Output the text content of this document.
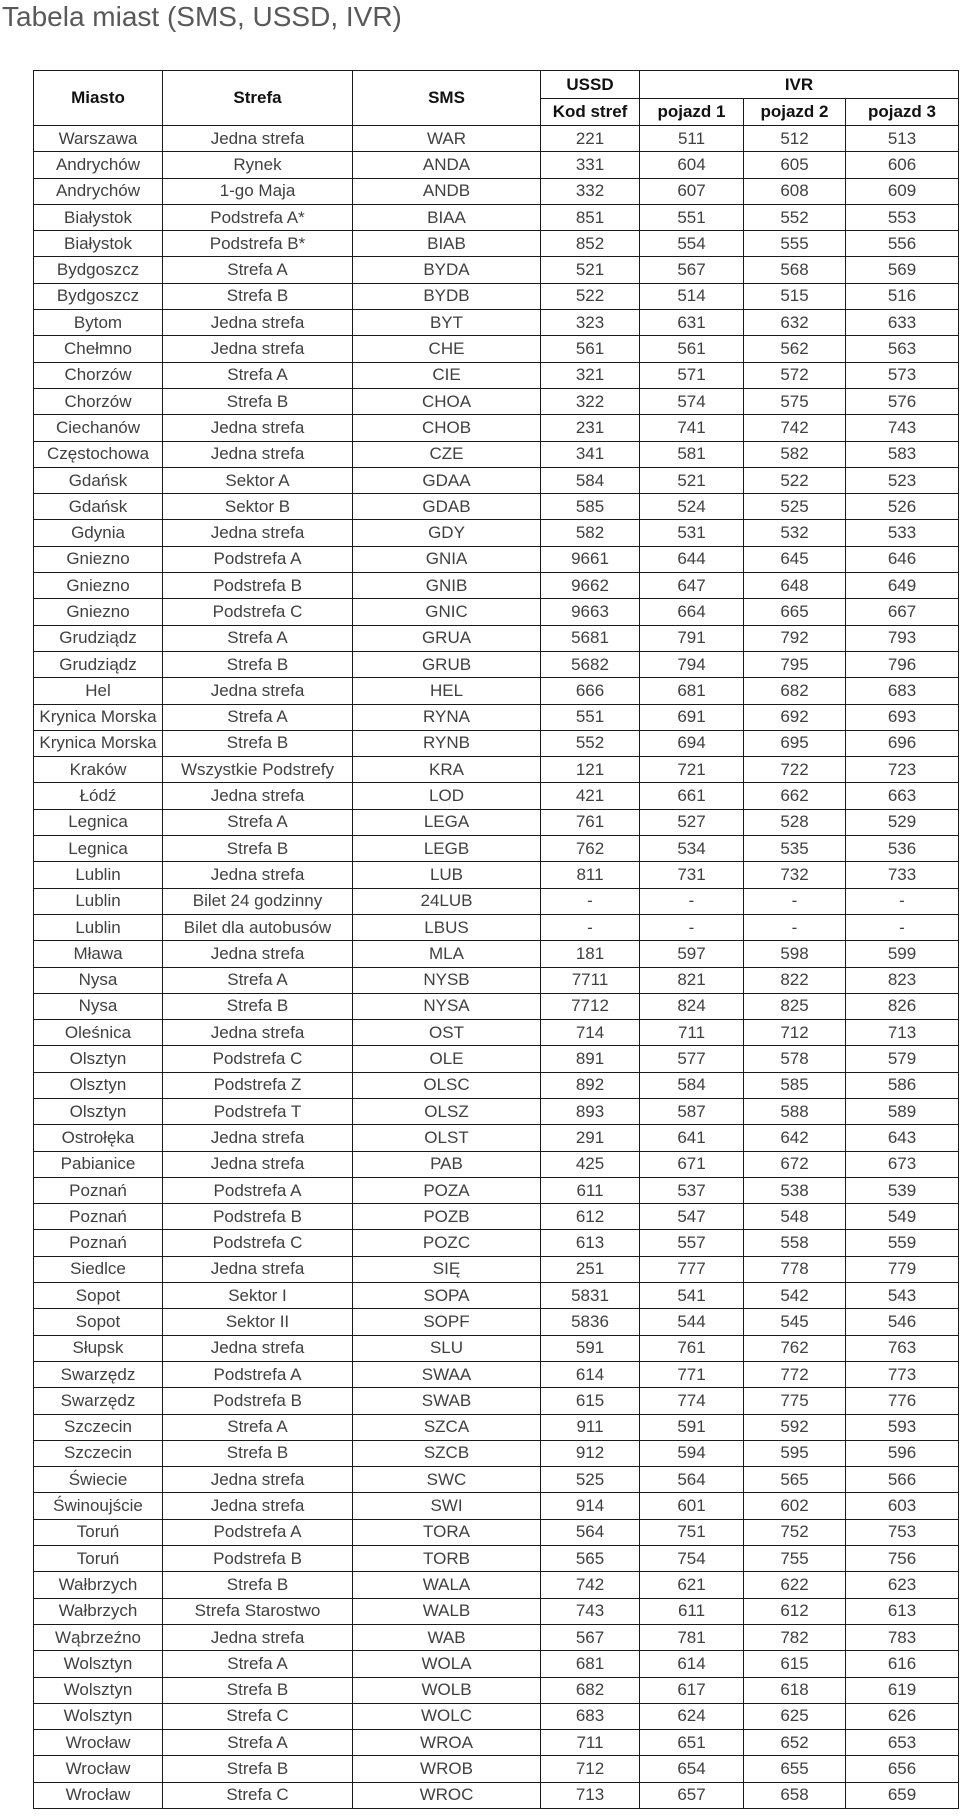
Tabela miast (SMS, USSD, IVR)
Miasto	Strefa	SMS	USSD	IVR		
			Kod stref	pojazd 1	pojazd 2	pojazd 3
Warszawa	Jedna strefa	WAR	221	511	512	513
Andrychów	Rynek	ANDA	331	604	605	606
Andrychów	1-go Maja	ANDB	332	607	608	609
Białystok	Podstrefa A*	BIAA	851	551	552	553
Białystok	Podstrefa B*	BIAB	852	554	555	556
Bydgoszcz	Strefa A	BYDA	521	567	568	569
Bydgoszcz	Strefa B	BYDB	522	514	515	516
Bytom	Jedna strefa	BYT	323	631	632	633
Chełmno	Jedna strefa	CHE	561	561	562	563
Chorzów	Strefa A	CIE	321	571	572	573
Chorzów	Strefa B	CHOA	322	574	575	576
Ciechanów	Jedna strefa	CHOB	231	741	742	743
Częstochowa	Jedna strefa	CZE	341	581	582	583
Gdańsk	Sektor A	GDAA	584	521	522	523
Gdańsk	Sektor B	GDAB	585	524	525	526
Gdynia	Jedna strefa	GDY	582	531	532	533
Gniezno	Podstrefa A	GNIA	9661	644	645	646
Gniezno	Podstrefa B	GNIB	9662	647	648	649
Gniezno	Podstrefa C	GNIC	9663	664	665	667
Grudziądz	Strefa A	GRUA	5681	791	792	793
Grudziądz	Strefa B	GRUB	5682	794	795	796
Hel	Jedna strefa	HEL	666	681	682	683
Krynica Morska	Strefa A	RYNA	551	691	692	693
Krynica Morska	Strefa B	RYNB	552	694	695	696
Kraków	Wszystkie Podstrefy	KRA	121	721	722	723
Łódź	Jedna strefa	LOD	421	661	662	663
Legnica	Strefa A	LEGA	761	527	528	529
Legnica	Strefa B	LEGB	762	534	535	536
Lublin	Jedna strefa	LUB	811	731	732	733
Lublin	Bilet 24 godzinny	24LUB	-	-	-	-
Lublin	Bilet dla autobusów	LBUS	-	-	-	-
Mława	Jedna strefa	MLA	181	597	598	599
Nysa	Strefa A	NYSB	7711	821	822	823
Nysa	Strefa B	NYSA	7712	824	825	826
Oleśnica	Jedna strefa	OST	714	711	712	713
Olsztyn	Podstrefa C	OLE	891	577	578	579
Olsztyn	Podstrefa Z	OLSC	892	584	585	586
Olsztyn	Podstrefa T	OLSZ	893	587	588	589
Ostrołęka	Jedna strefa	OLST	291	641	642	643
Pabianice	Jedna strefa	PAB	425	671	672	673
Poznań	Podstrefa A	POZA	611	537	538	539
Poznań	Podstrefa B	POZB	612	547	548	549
Poznań	Podstrefa C	POZC	613	557	558	559
Siedlce	Jedna strefa	SIĘ	251	777	778	779
Sopot	Sektor I	SOPA	5831	541	542	543
Sopot	Sektor II	SOPF	5836	544	545	546
Słupsk	Jedna strefa	SLU	591	761	762	763
Swarzędz	Podstrefa A	SWAA	614	771	772	773
Swarzędz	Podstrefa B	SWAB	615	774	775	776
Szczecin	Strefa A	SZCA	911	591	592	593
Szczecin	Strefa B	SZCB	912	594	595	596
Świecie	Jedna strefa	SWC	525	564	565	566
Świnoujście	Jedna strefa	SWI	914	601	602	603
Toruń	Podstrefa A	TORA	564	751	752	753
Toruń	Podstrefa B	TORB	565	754	755	756
Wałbrzych	Strefa B	WALA	742	621	622	623
Wałbrzych	Strefa Starostwo	WALB	743	611	612	613
Wąbrzeźno	Jedna strefa	WAB	567	781	782	783
Wolsztyn	Strefa A	WOLA	681	614	615	616
Wolsztyn	Strefa B	WOLB	682	617	618	619
Wolsztyn	Strefa C	WOLC	683	624	625	626
Wrocław	Strefa A	WROA	711	651	652	653
Wrocław	Strefa B	WROB	712	654	655	656
Wrocław	Strefa C	WROC	713	657	658	659
